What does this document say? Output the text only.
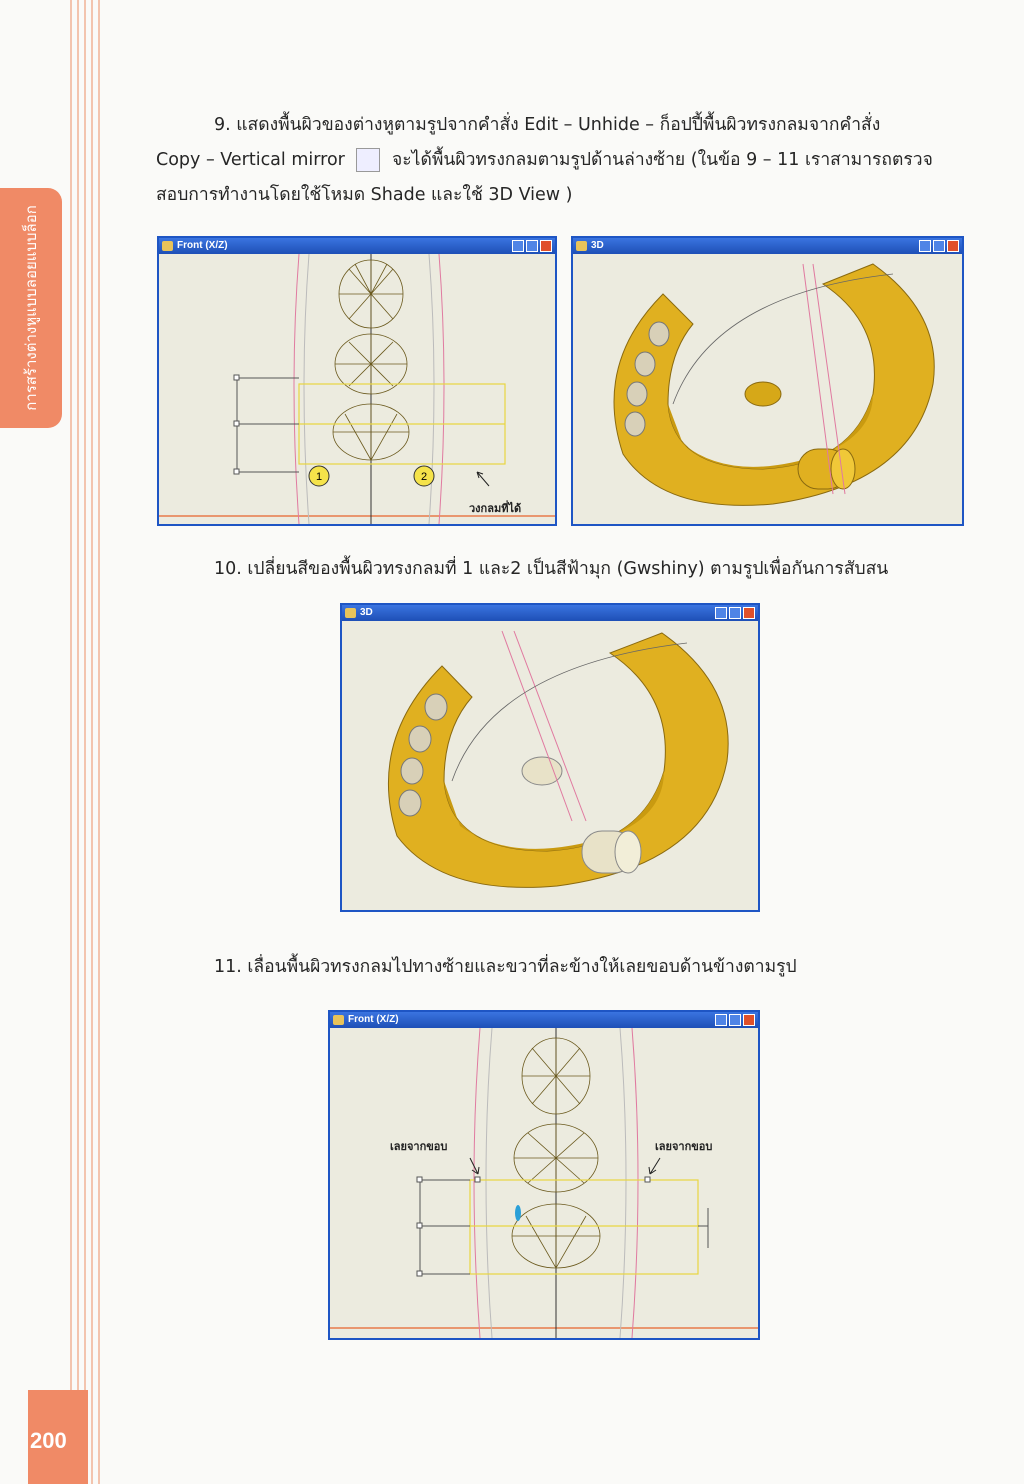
การสร้างต่างหูแบบลอยแบบล็อก
200
9. แสดงพื้นผิวของต่างหูตามรูปจากคำสั่ง Edit – Unhide – ก็อปปี้พื้นผิวทรงกลมจากคำสั่ง
Copy – Vertical mirror	จะได้พื้นผิวทรงกลมตามรูปด้านล่างซ้าย (ในข้อ 9 – 11 เราสามารถตรวจ
สอบการทำงานโดยใช้โหมด Shade และใช้ 3D View )
Front (X/Z)
1	2
วงกลมที่ได้
3D
10. เปลี่ยนสีของพื้นผิวทรงกลมที่ 1 และ2 เป็นสีฟ้ามุก (Gwshiny) ตามรูปเพื่อกันการสับสน
3D
11. เลื่อนพื้นผิวทรงกลมไปทางซ้ายและขวาที่ละข้างให้เลยขอบด้านข้างตามรูป
Front (X/Z)
เลยจากขอบ	เลยจากขอบ
